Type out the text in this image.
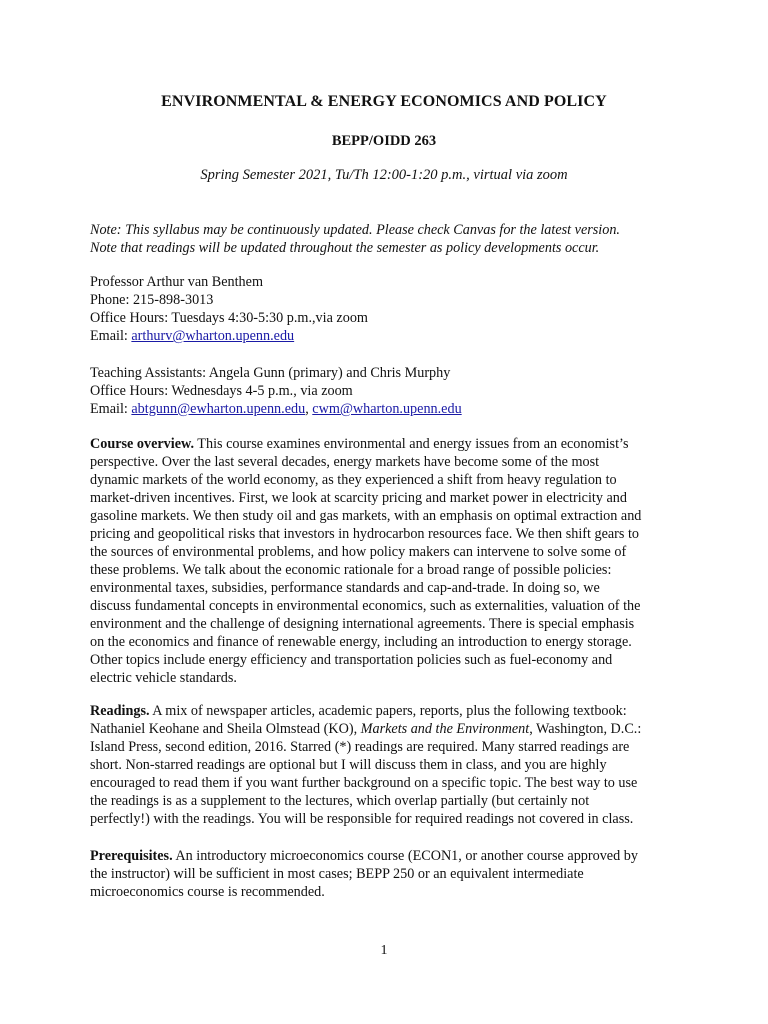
ENVIRONMENTAL & ENERGY ECONOMICS AND POLICY
BEPP/OIDD 263
Spring Semester 2021, Tu/Th 12:00-1:20 p.m., virtual via zoom

Note: This syllabus may be continuously updated. Please check Canvas for the latest version.

Note that readings will be updated throughout the semester as policy developments occur.

Professor Arthur van Benthem

Phone: 215-898-3013

Office Hours: Tuesdays 4:30-5:30 p.m.,via zoom

Email: arthurv@wharton.upenn.edu

Teaching Assistants: Angela Gunn (primary) and Chris Murphy

Office Hours: Wednesdays 4-5 p.m., via zoom

Email: abtgunn@ewharton.upenn.edu, cwm@wharton.upenn.edu

Course overview. This course examines environmental and energy issues from an economist’s

perspective. Over the last several decades, energy markets have become some of the most

dynamic markets of the world economy, as they experienced a shift from heavy regulation to

market-driven incentives. First, we look at scarcity pricing and market power in electricity and

gasoline markets. We then study oil and gas markets, with an emphasis on optimal extraction and

pricing and geopolitical risks that investors in hydrocarbon resources face. We then shift gears to

the sources of environmental problems, and how policy makers can intervene to solve some of

these problems. We talk about the economic rationale for a broad range of possible policies:

environmental taxes, subsidies, performance standards and cap-and-trade. In doing so, we

discuss fundamental concepts in environmental economics, such as externalities, valuation of the

environment and the challenge of designing international agreements. There is special emphasis

on the economics and finance of renewable energy, including an introduction to energy storage.

Other topics include energy efficiency and transportation policies such as fuel-economy and

electric vehicle standards.

Readings. A mix of newspaper articles, academic papers, reports, plus the following textbook:

Nathaniel Keohane and Sheila Olmstead (KO), Markets and the Environment, Washington, D.C.:

Island Press, second edition, 2016. Starred (*) readings are required. Many starred readings are

short. Non-starred readings are optional but I will discuss them in class, and you are highly

encouraged to read them if you want further background on a specific topic. The best way to use

the readings is as a supplement to the lectures, which overlap partially (but certainly not

perfectly!) with the readings. You will be responsible for required readings not covered in class.

Prerequisites. An introductory microeconomics course (ECON1, or another course approved by

the instructor) will be sufficient in most cases; BEPP 250 or an equivalent intermediate

microeconomics course is recommended.

1
